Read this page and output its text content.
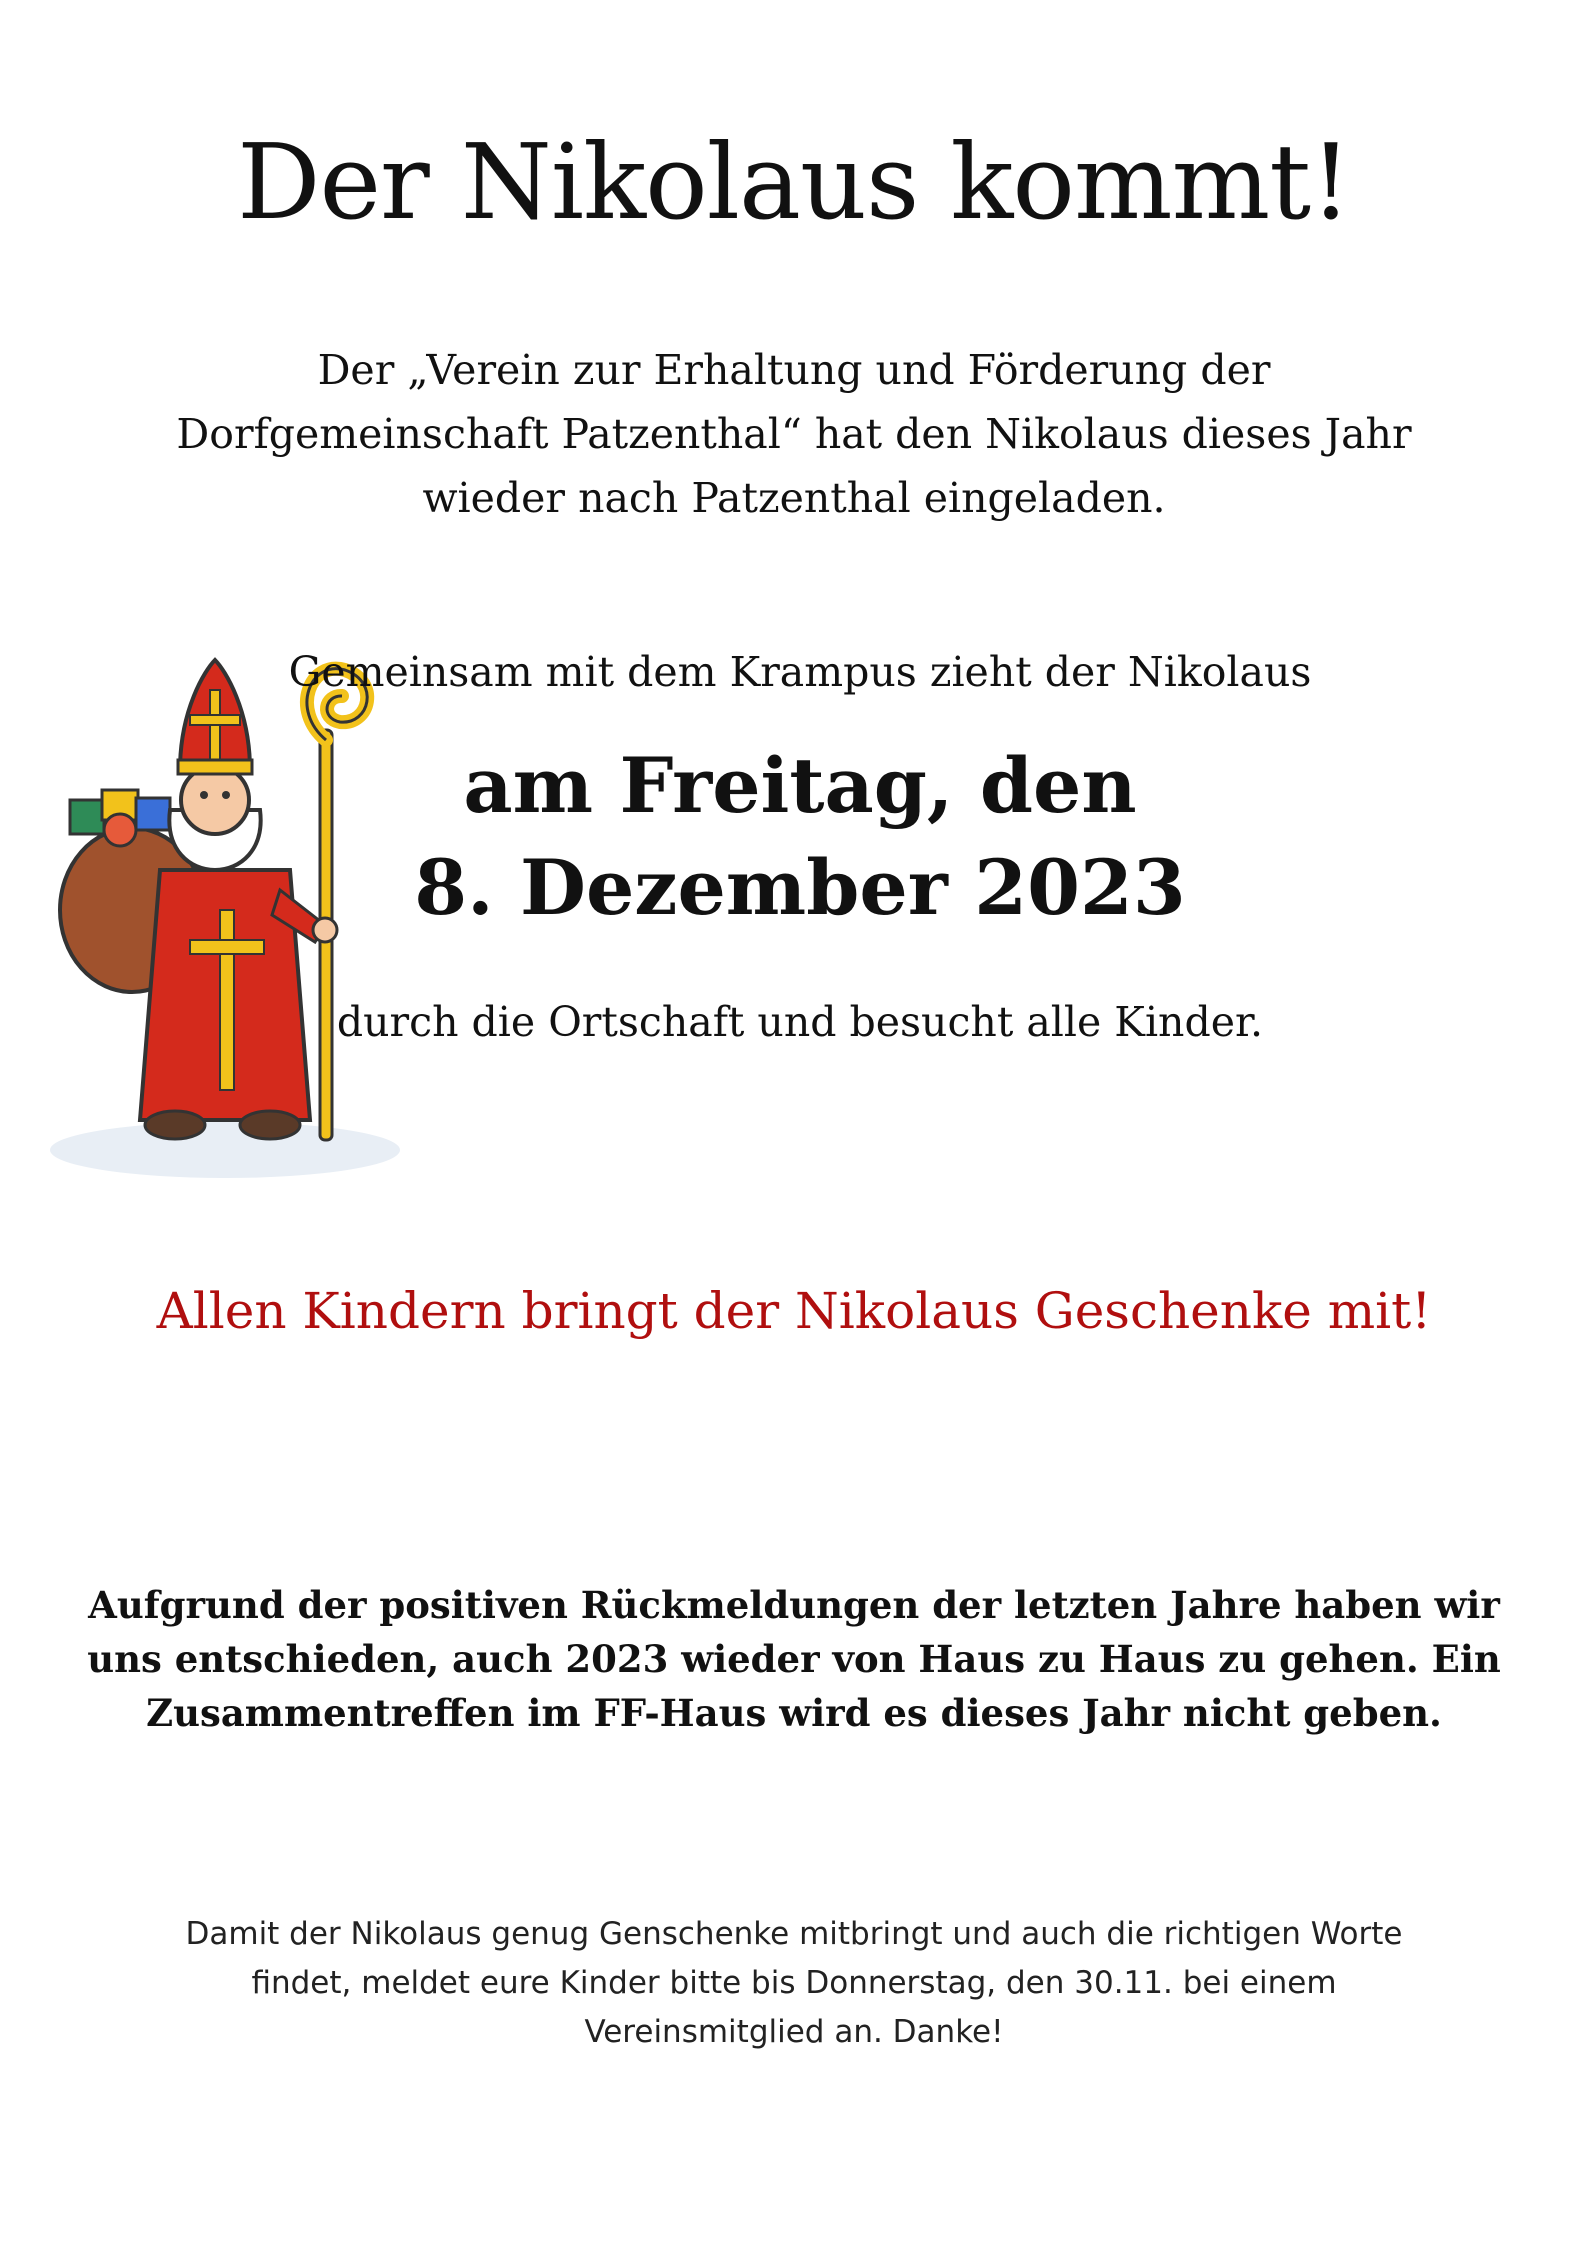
Der Nikolaus kommt!
Der „Verein zur Erhaltung und Förderung der
Dorfgemeinschaft Patzenthal“ hat den Nikolaus dieses Jahr
wieder nach Patzenthal eingeladen.
Gemeinsam mit dem Krampus zieht der Nikolaus
am Freitag, den
8. Dezember 2023
durch die Ortschaft und besucht alle Kinder.
Allen Kindern bringt der Nikolaus Geschenke mit!
Aufgrund der positiven Rückmeldungen der letzten Jahre haben wir
uns entschieden, auch 2023 wieder von Haus zu Haus zu gehen. Ein
Zusammentreffen im FF-Haus wird es dieses Jahr nicht geben.
Damit der Nikolaus genug Genschenke mitbringt und auch die richtigen Worte
findet, meldet eure Kinder bitte bis Donnerstag, den 30.11. bei einem
Vereinsmitglied an. Danke!
